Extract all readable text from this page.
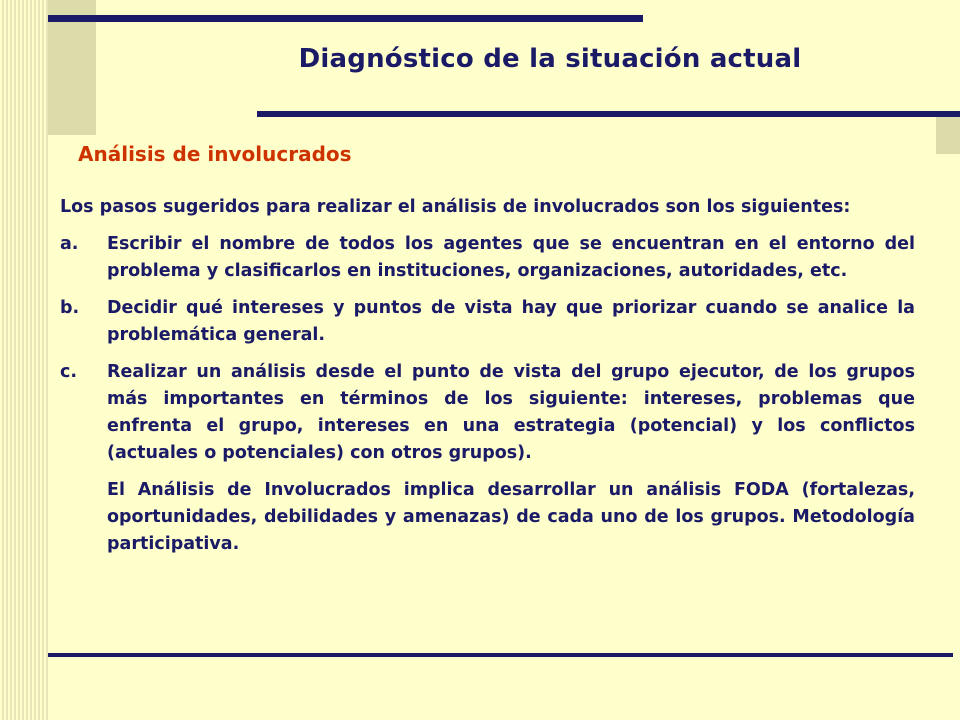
Diagnóstico de la situación actual
Análisis de involucrados

Los pasos sugeridos para realizar el análisis de involucrados son los siguientes:

a.	Escribir el nombre de todos los agentes que se encuentran en el entorno del problema y clasificarlos en instituciones, organizaciones, autoridades, etc.
b.	Decidir qué intereses y puntos de vista hay que priorizar cuando se analice la problemática general.
c.	Realizar un análisis desde el punto de vista del grupo ejecutor, de los grupos más importantes en términos de los siguiente: intereses, problemas que enfrenta el grupo, intereses en una estrategia (potencial) y los conflictos (actuales o potenciales) con otros grupos).

El Análisis de Involucrados implica desarrollar un análisis FODA (fortalezas, oportunidades, debilidades y amenazas) de cada uno de los grupos. Metodología participativa.
